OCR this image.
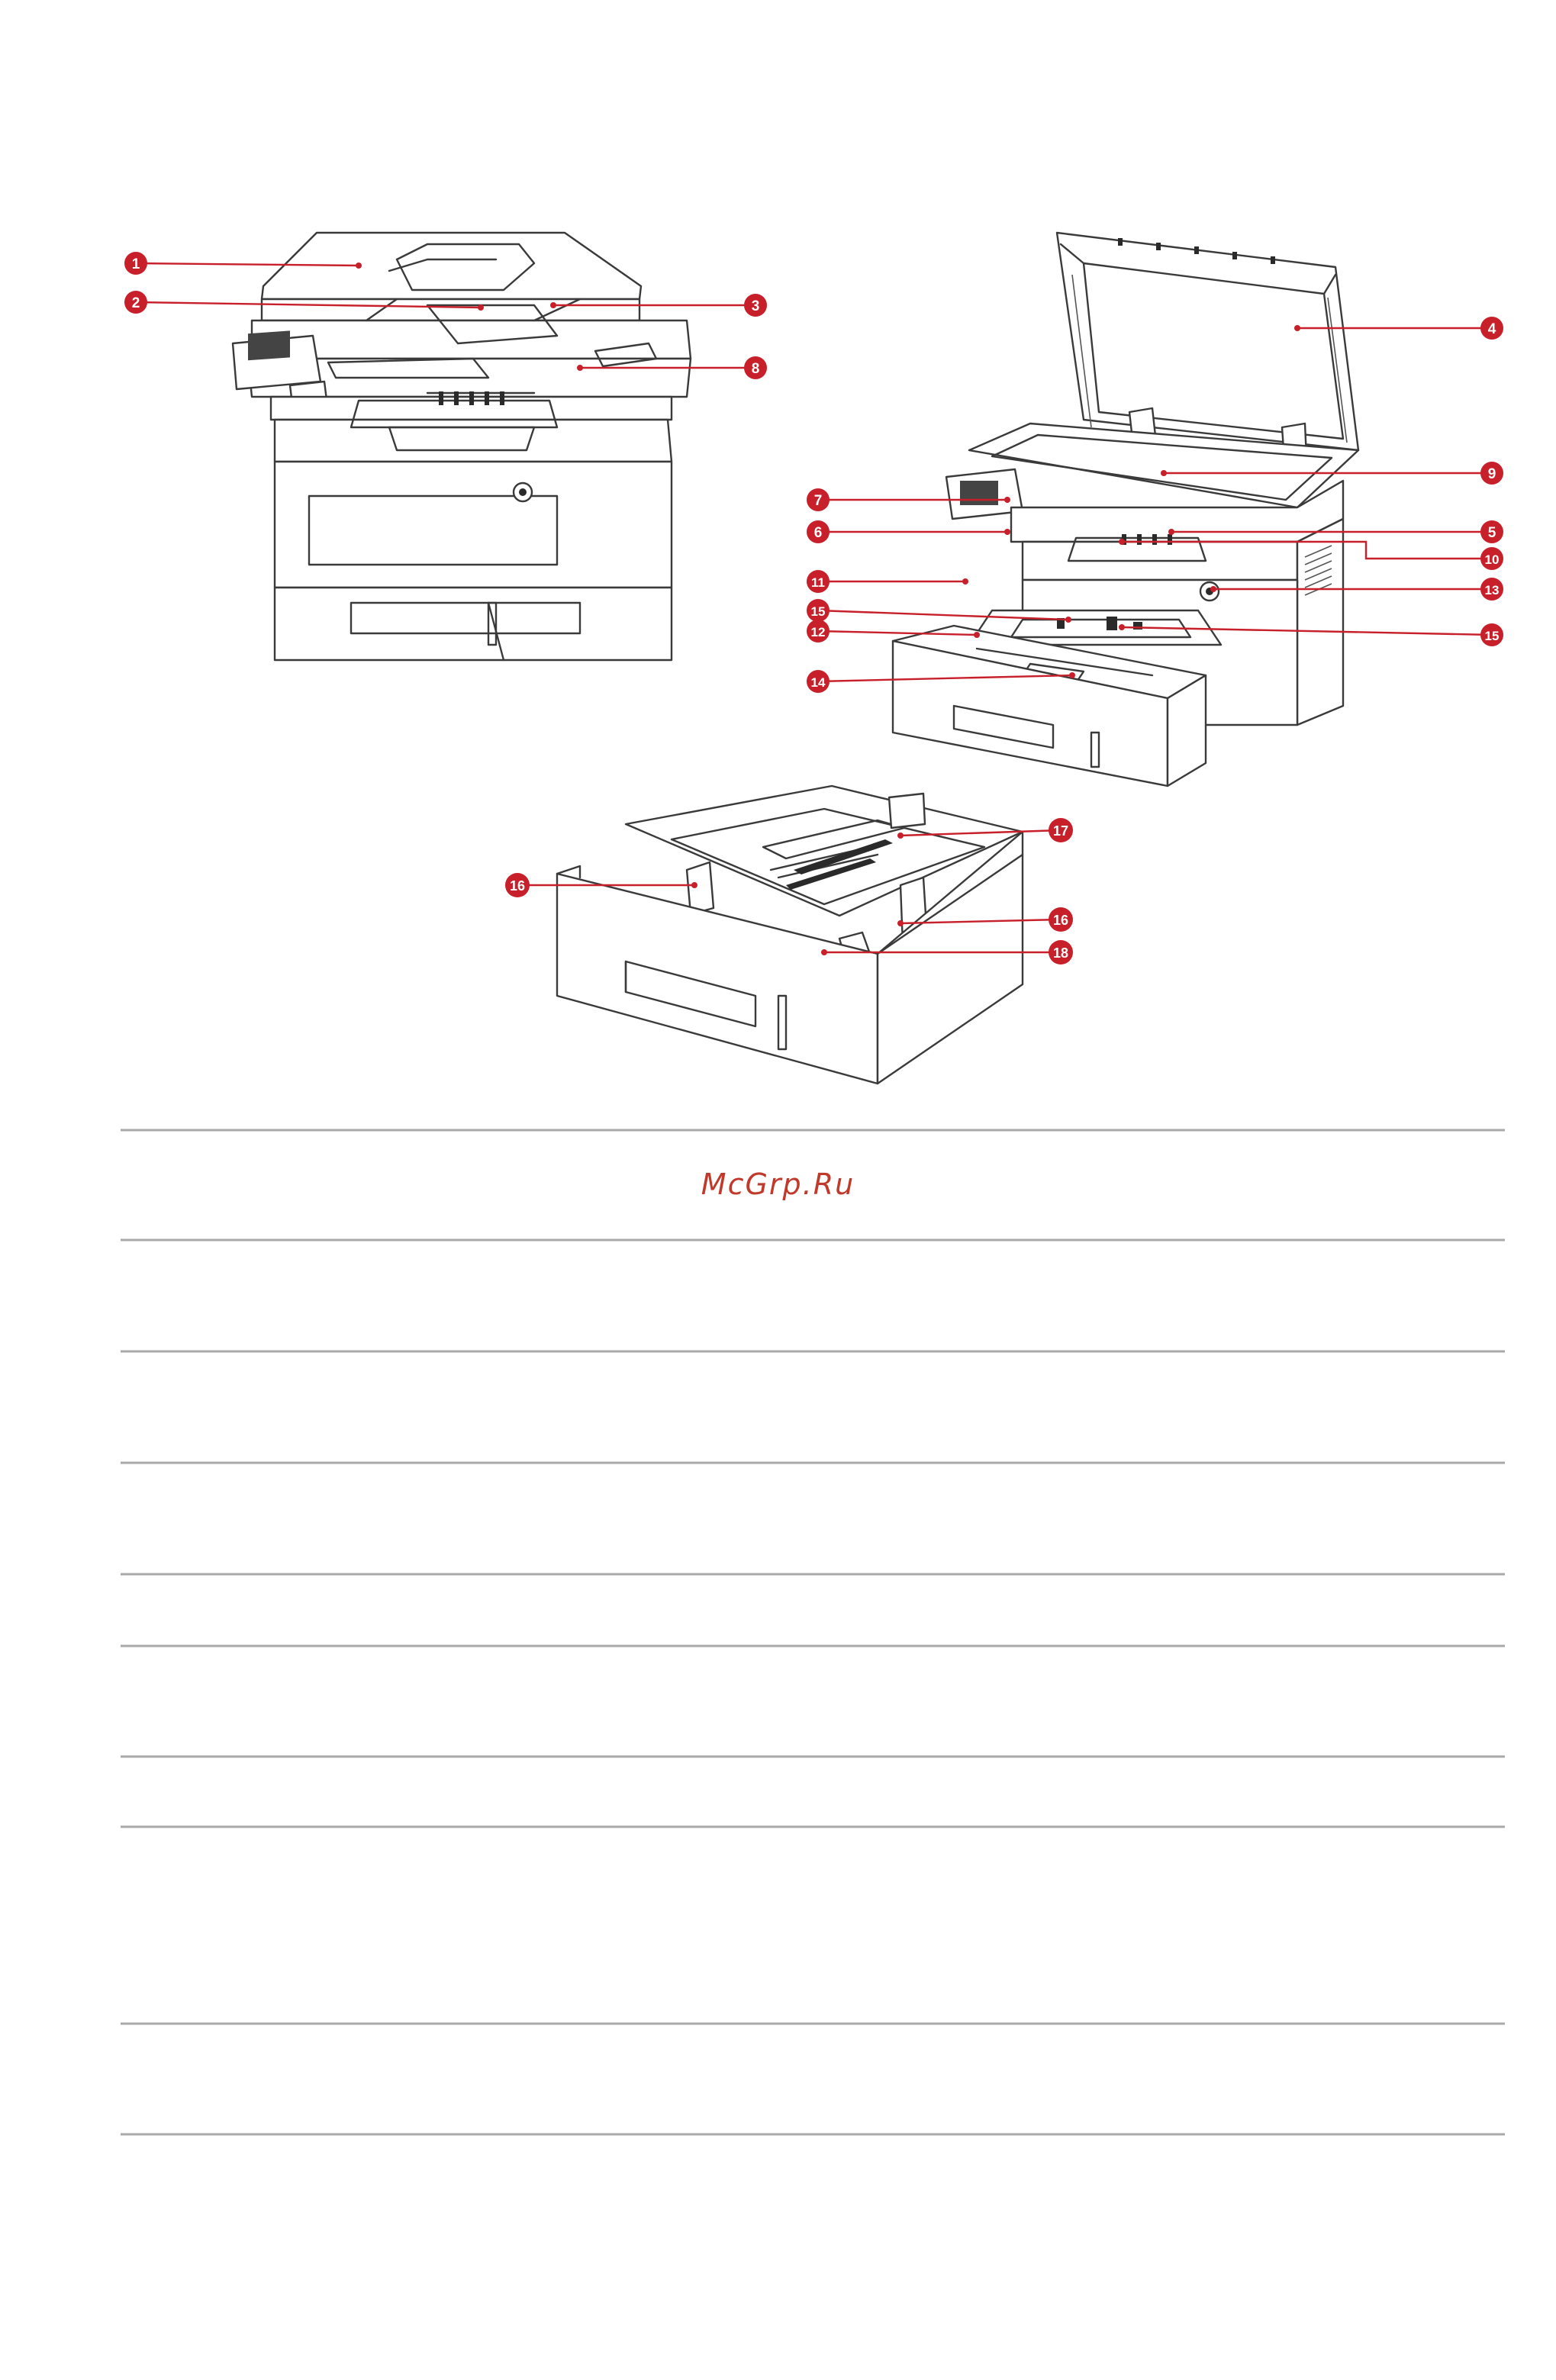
1
2	3
8
4
9
7
6	5
10
11
13
15
15
12
14
16
17
16
18
McGrp.Ru
